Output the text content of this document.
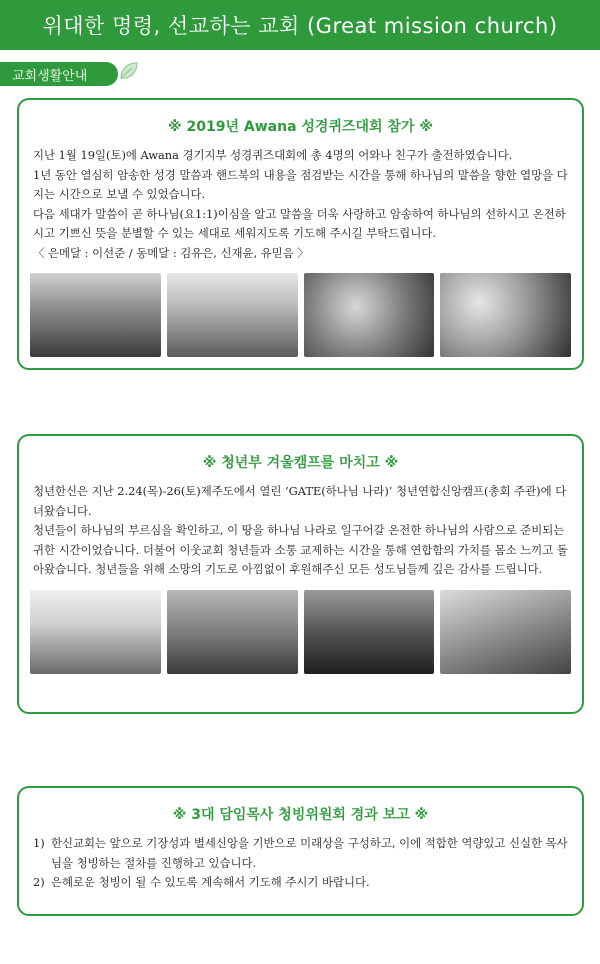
위대한 명령, 선교하는 교회 (Great mission church)
교회생활안내
※ 2019년 Awana 성경퀴즈대회 참가 ※

지난 1월 19일(토)에 Awana 경기지부 성경퀴즈대회에 총 4명의 어와나 친구가 출전하였습니다.

1년 동안 열심히 암송한 성경 말씀과 핸드북의 내용을 점검받는 시간을 통해 하나님의 말씀을 향한 열망을 다지는 시간으로 보낼 수 있었습니다.

다음 세대가 말씀이 곧 하나님(요1:1)이심을 알고 말씀을 더욱 사랑하고 암송하여 하나님의 선하시고 온전하시고 기쁘신 뜻을 분별할 수 있는 세대로 세워지도록 기도해 주시길 부탁드립니다.

〈 은메달 : 이선준 / 동메달 : 김유은, 신재윤, 유믿음 〉

※ 청년부 겨울캠프를 마치고 ※

청년한신은 지난 2.24(목)-26(토)제주도에서 열린 ‘GATE(하나님 나라)’ 청년연합신앙캠프(총회 주관)에 다녀왔습니다.

청년들이 하나님의 부르심을 확인하고, 이 땅을 하나님 나라로 일구어갈 온전한 하나님의 사람으로 준비되는 귀한 시간이었습니다. 더불어 이웃교회 청년들과 소통 교제하는 시간을 통해 연합함의 가치를 몸소 느끼고 돌아왔습니다. 청년들을 위해 소망의 기도로 아낌없이 후원해주신 모든 성도님들께 깊은 감사를 드립니다.

※ 3대 담임목사 청빙위원회 경과 보고 ※
1) 한신교회는 앞으로 기장성과 별세신앙을 기반으로 미래상을 구성하고, 이에 적합한 역량있고 신실한 목사님을 청빙하는 절차를 진행하고 있습니다.
2) 은혜로운 청빙이 될 수 있도록 계속해서 기도해 주시기 바랍니다.
